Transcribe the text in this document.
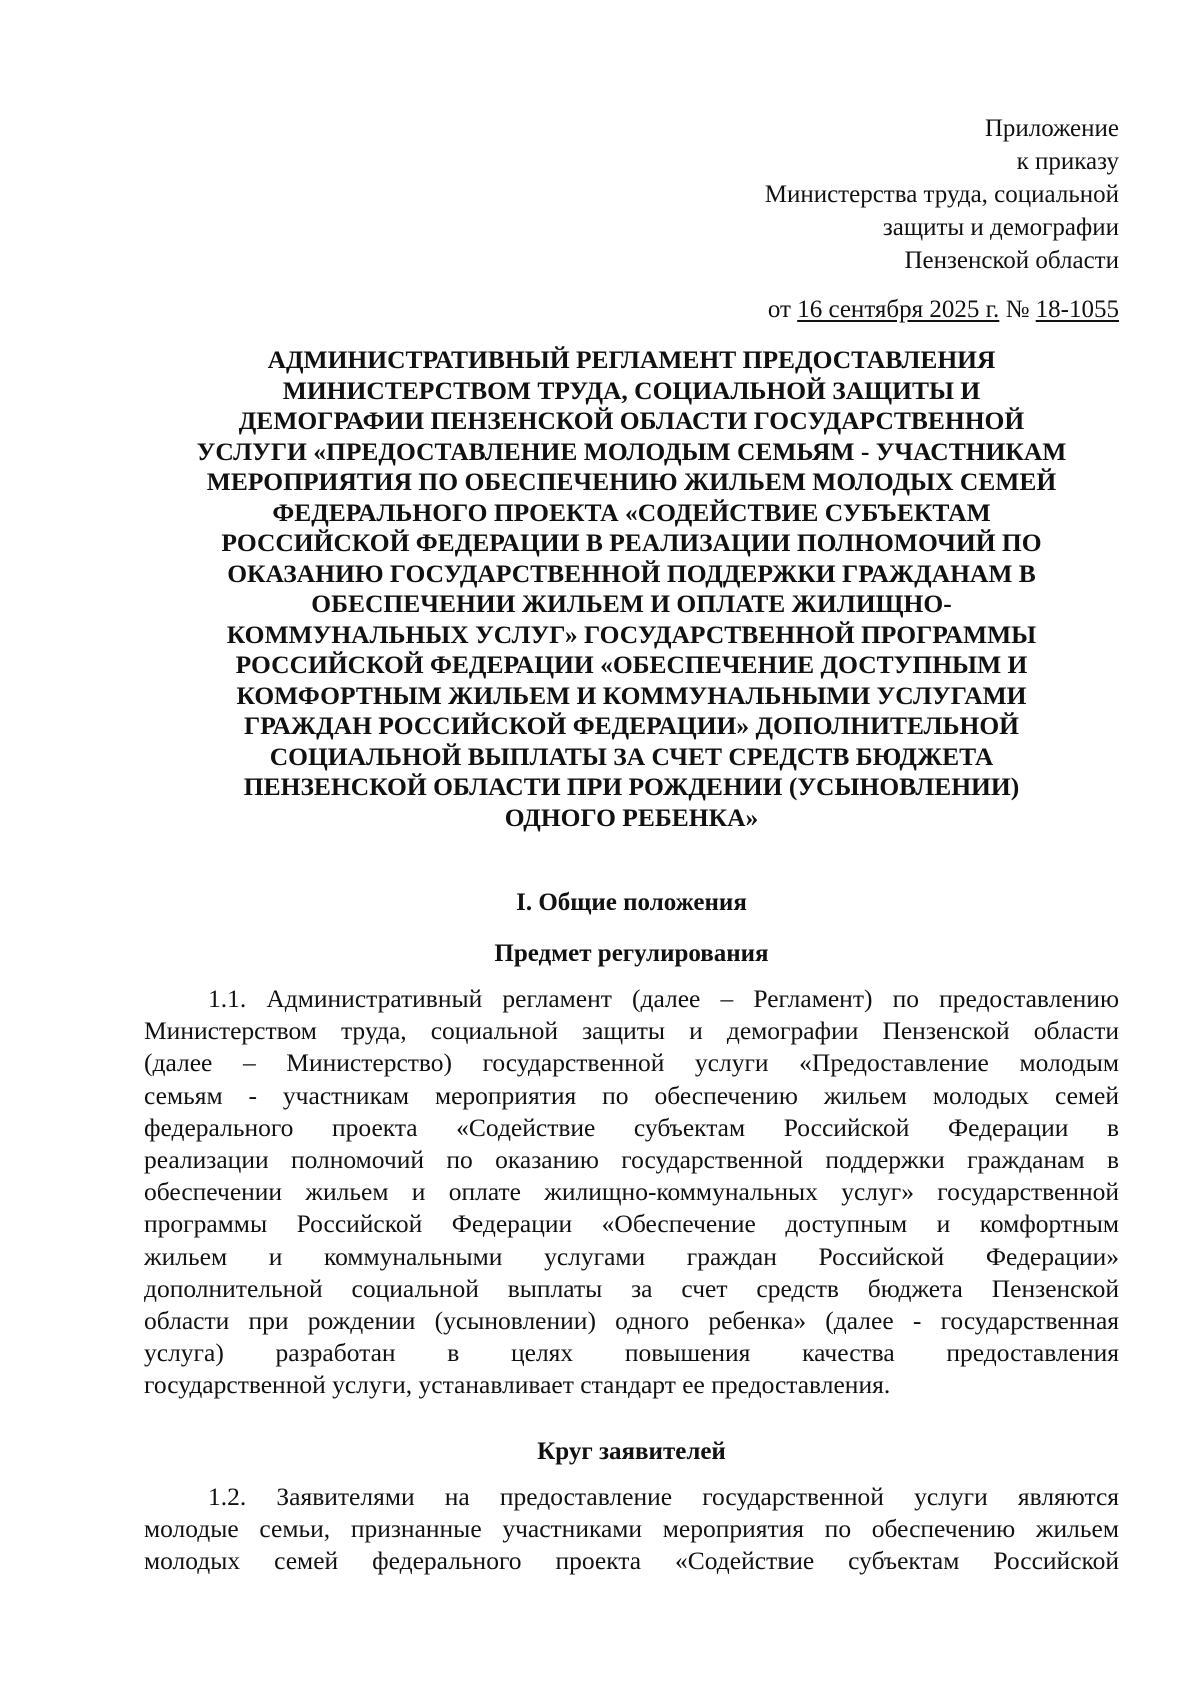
Приложение
к приказу
Министерства труда, социальной
защиты и демографии
Пензенской области
от 16 сентября 2025 г. № 18-1055
АДМИНИСТРАТИВНЫЙ РЕГЛАМЕНТ ПРЕДОСТАВЛЕНИЯ
МИНИСТЕРСТВОМ ТРУДА, СОЦИАЛЬНОЙ ЗАЩИТЫ И
ДЕМОГРАФИИ ПЕНЗЕНСКОЙ ОБЛАСТИ ГОСУДАРСТВЕННОЙ
УСЛУГИ «ПРЕДОСТАВЛЕНИЕ МОЛОДЫМ СЕМЬЯМ - УЧАСТНИКАМ
МЕРОПРИЯТИЯ ПО ОБЕСПЕЧЕНИЮ ЖИЛЬЕМ МОЛОДЫХ СЕМЕЙ
ФЕДЕРАЛЬНОГО ПРОЕКТА «СОДЕЙСТВИЕ СУБЪЕКТАМ
РОССИЙСКОЙ ФЕДЕРАЦИИ В РЕАЛИЗАЦИИ ПОЛНОМОЧИЙ ПО
ОКАЗАНИЮ ГОСУДАРСТВЕННОЙ ПОДДЕРЖКИ ГРАЖДАНАМ В
ОБЕСПЕЧЕНИИ ЖИЛЬЕМ И ОПЛАТЕ ЖИЛИЩНО-
КОММУНАЛЬНЫХ УСЛУГ» ГОСУДАРСТВЕННОЙ ПРОГРАММЫ
РОССИЙСКОЙ ФЕДЕРАЦИИ «ОБЕСПЕЧЕНИЕ ДОСТУПНЫМ И
КОМФОРТНЫМ ЖИЛЬЕМ И КОММУНАЛЬНЫМИ УСЛУГАМИ
ГРАЖДАН РОССИЙСКОЙ ФЕДЕРАЦИИ» ДОПОЛНИТЕЛЬНОЙ
СОЦИАЛЬНОЙ ВЫПЛАТЫ ЗА СЧЕТ СРЕДСТВ БЮДЖЕТА
ПЕНЗЕНСКОЙ ОБЛАСТИ ПРИ РОЖДЕНИИ (УСЫНОВЛЕНИИ)
ОДНОГО РЕБЕНКА»
I. Общие положения
Предмет регулирования
1.1. Административный регламент (далее – Регламент) по предоставлению
Министерством труда, социальной защиты и демографии Пензенской области
(далее – Министерство) государственной услуги «Предоставление молодым
семьям - участникам мероприятия по обеспечению жильем молодых семей
федерального проекта «Содействие субъектам Российской Федерации в
реализации полномочий по оказанию государственной поддержки гражданам в
обеспечении жильем и оплате жилищно-коммунальных услуг» государственной
программы Российской Федерации «Обеспечение доступным и комфортным
жильем и коммунальными услугами граждан Российской Федерации»
дополнительной социальной выплаты за счет средств бюджета Пензенской
области при рождении (усыновлении) одного ребенка» (далее - государственная
услуга) разработан в целях повышения качества предоставления
государственной услуги, устанавливает стандарт ее предоставления.
Круг заявителей
1.2. Заявителями на предоставление государственной услуги являются
молодые семьи, признанные участниками мероприятия по обеспечению жильем
молодых семей федерального проекта «Содействие субъектам Российской
